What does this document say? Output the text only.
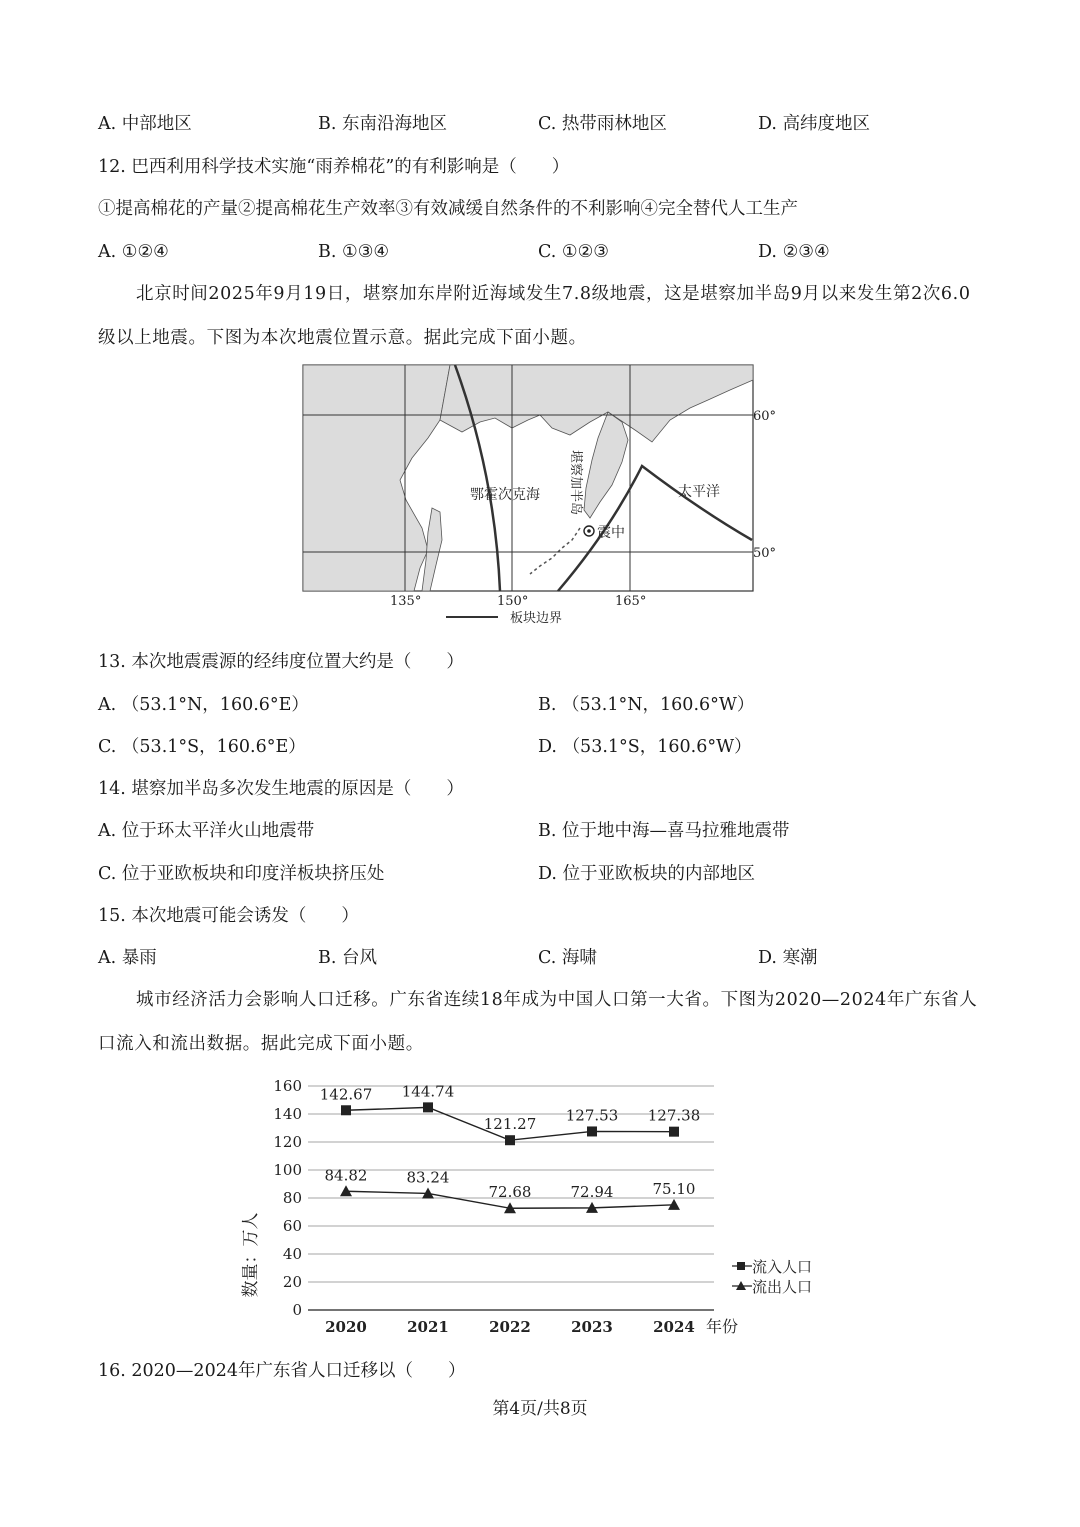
A. 中部地区	B. 东南沿海地区	C. 热带雨林地区	D. 高纬度地区
12. 巴西利用科学技术实施“雨养棉花”的有利影响是（　　）
①提高棉花的产量②提高棉花生产效率③有效减缓自然条件的不利影响④完全替代人工生产
A. ①②④	B. ①③④	C. ①②③	D. ②③④
北京时间2025年9月19日，堪察加东岸附近海域发生7.8级地震，这是堪察加半岛9月以来发生第2次6.0级以上地震。下图为本次地震位置示意。据此完成下面小题。
震中
鄂霍次克海	太平洋
堪察加半岛
60°
50°
135°	150°	165°
板块边界
13. 本次地震震源的经纬度位置大约是（　　）
A. （53.1°N，160.6°E）	B. （53.1°N，160.6°W）
C. （53.1°S，160.6°E）	D. （53.1°S，160.6°W）
14. 堪察加半岛多次发生地震的原因是（　　）
A. 位于环太平洋火山地震带	B. 位于地中海—喜马拉雅地震带
C. 位于亚欧板块和印度洋板块挤压处	D. 位于亚欧板块的内部地区
15. 本次地震可能会诱发（　　）
A. 暴雨	B. 台风	C. 海啸	D. 寒潮
城市经济活力会影响人口迁移。广东省连续18年成为中国人口第一大省。下图为2020—2024年广东省人口流入和流出数据。据此完成下面小题。
0
20
40
60
80
100
120
140
160
2020	2021	2022	2023	2024
142.67 144.74
121.27 127.53 127.38
84.82	83.24
72.68	72.94	75.10
数量：万人
年份
流入人口
流出人口
16. 2020—2024年广东省人口迁移以（　　）
第4页/共8页
